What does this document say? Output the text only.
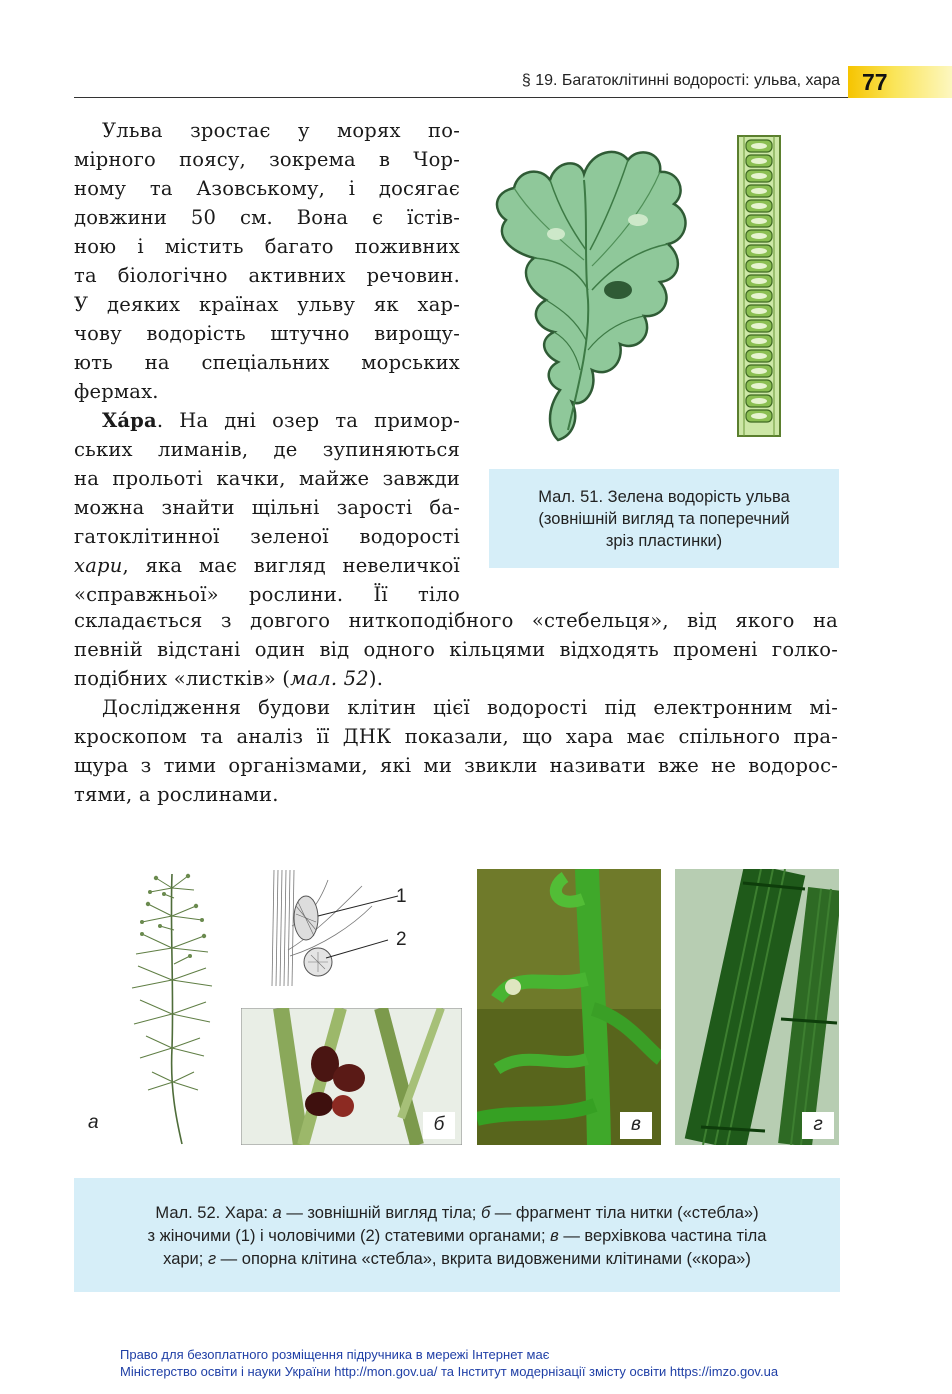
§ 19. Багатоклітинні водорості: ульва, хара 77
Ульва зростає у морях по-
мірного поясу, зокрема в Чор-
ному та Азовському, і досягає
довжини 50 см. Вона є їстів-
ною і містить багато поживних
та біологічно активних речовин.
У деяких країнах ульву як хар-
чову водорість штучно вирощу-
ють на спеціальних морських
фермах.
Ха́ра. На дні озер та примор-
ських лиманів, де зупиняються
на прольоті качки, майже завжди
можна знайти щільні зарості ба-
гатоклітинної зеленої водорості
хари, яка має вигляд невеличкої
«справжньої» рослини. Її тіло
складається з довгого ниткоподібного «стебельця», від якого на
певній відстані один від одного кільцями відходять промені голко-
подібних «листків» (мал. 52).
Дослідження будови клітин цієї водорості під електронним мі-
кроскопом та аналіз її ДНК показали, що хара має спільного пра-
щура з тими організмами, які ми звикли називати вже не водорос-
тями, а рослинами.
Мал. 51. Зелена водорість ульва
(зовнішній вигляд та поперечний
зріз пластинки)
а
1
2
б	в	г
Мал. 52. Хара: а — зовнішній вигляд тіла; б — фрагмент тіла нитки («стебла»)
з жіночими (1) і чоловічими (2) статевими органами; в — верхівкова частина тіла
хари; г — опорна клітина «стебла», вкрита видовженими клітинами («кора»)
Право для безоплатного розміщення підручника в мережі Інтернет має
Міністерство освіти і науки України http://mon.gov.ua/ та Інститут модернізації змісту освіти https://imzo.gov.ua
